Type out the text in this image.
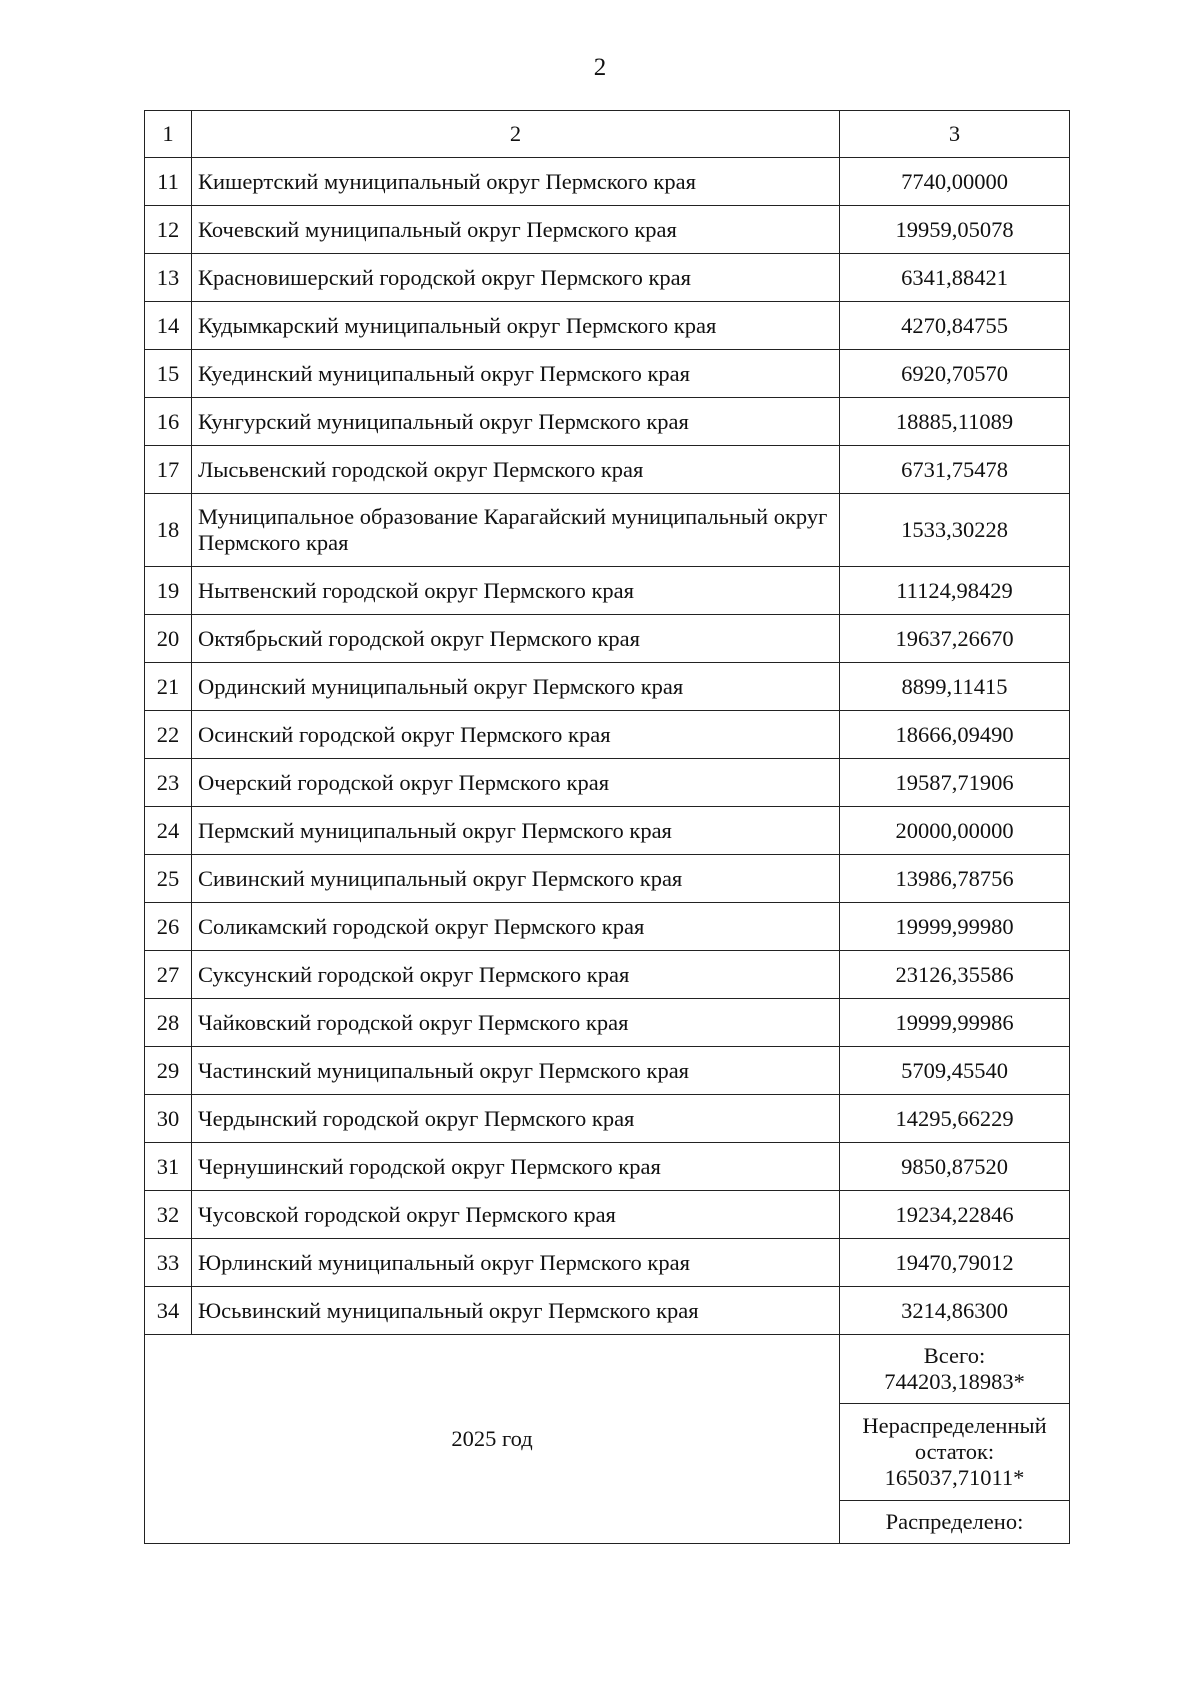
2
1	2	3
11	Кишертский муниципальный округ Пермского края	7740,00000
12	Кочевский муниципальный округ Пермского края	19959,05078
13	Красновишерский городской округ Пермского края	6341,88421
14	Кудымкарский муниципальный округ Пермского края	4270,84755
15	Куединский муниципальный округ Пермского края	6920,70570
16	Кунгурский муниципальный округ Пермского края	18885,11089
17	Лысьвенский городской округ Пермского края	6731,75478
18	Муниципальное образование Карагайский муниципальный округ Пермского края	1533,30228
19	Нытвенский городской округ Пермского края	11124,98429
20	Октябрьский городской округ Пермского края	19637,26670
21	Ординский муниципальный округ Пермского края	8899,11415
22	Осинский городской округ Пермского края	18666,09490
23	Очерский городской округ Пермского края	19587,71906
24	Пермский муниципальный округ Пермского края	20000,00000
25	Сивинский муниципальный округ Пермского края	13986,78756
26	Соликамский городской округ Пермского края	19999,99980
27	Суксунский городской округ Пермского края	23126,35586
28	Чайковский городской округ Пермского края	19999,99986
29	Частинский муниципальный округ Пермского края	5709,45540
30	Чердынский городской округ Пермского края	14295,66229
31	Чернушинский городской округ Пермского края	9850,87520
32	Чусовской городской округ Пермского края	19234,22846
33	Юрлинский муниципальный округ Пермского края	19470,79012
34	Юсьвинский муниципальный округ Пермского края	3214,86300
2025 год		Всего:
744203,18983*

		Нераспределенный
остаток:
165037,71011*

		Распределено:
